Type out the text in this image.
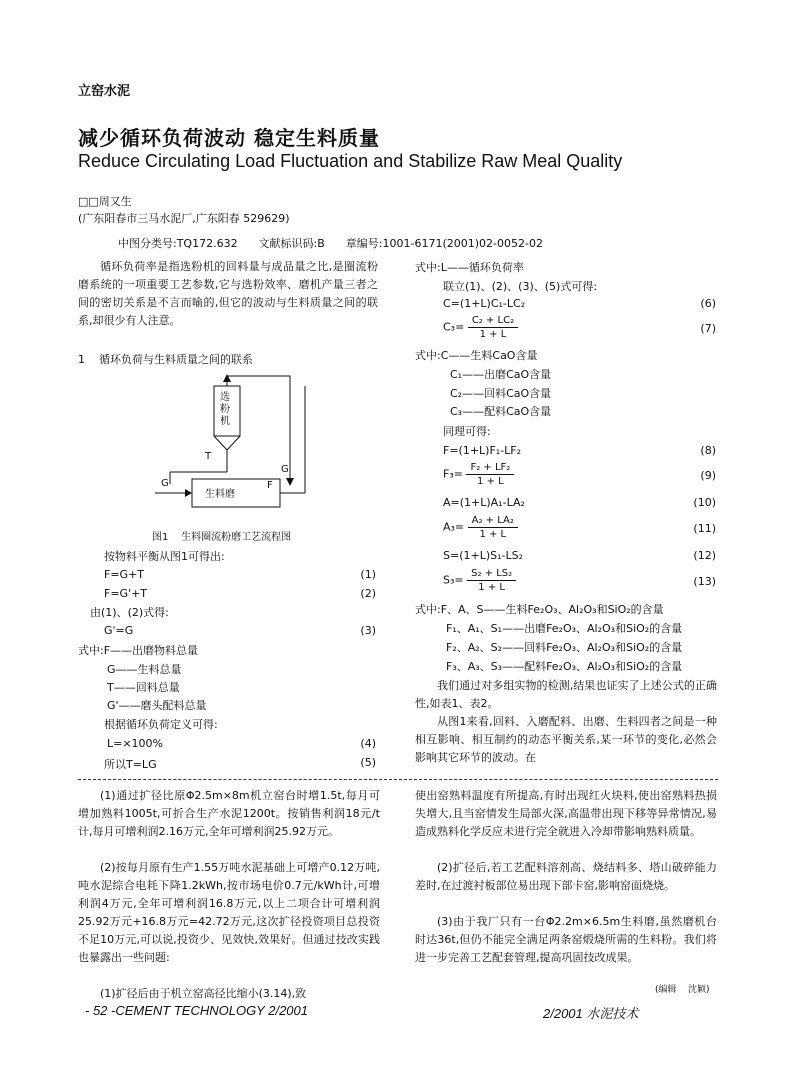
立窑水泥
减少循环负荷波动 稳定生料质量
Reduce Circulating Load Fluctuation and Stabilize Raw Meal Quality
□□周又生
(广东阳春市三马水泥厂,广东阳春 529629)
中图分类号:TQ172.632      文献标识码:B      章编号:1001-6171(2001)02-0052-02
循环负荷率是指选粉机的回料量与成品量之比,是圈流粉磨系统的一项重要工艺参数,它与选粉效率、磨机产量三者之间的密切关系是不言而喻的,但它的波动与生料质量之间的联系,却很少有人注意。
1    循环负荷与生料质量之间的联系
选粉机
生料磨
T
G
F
G'
图1    生料圈流粉磨工艺流程图
按物料平衡从图1可得出:
F=G+T	(1)
F=G'+T	(2)
由(1)、(2)式得:
G'=G	(3)
式中:F——出磨物料总量
G——生料总量
T——回料总量
G'——磨头配料总量
根据循环负荷定义可得:
L=×100%	(4)
所以T=LG	(5)
式中:L——循环负荷率
联立(1)、(2)、(3)、(5)式可得:
C=(1+L)C₁-LC₂	(6)
$C_3= \frac{\text{C₂ + LC₂}}{1 + L}$	(7)
式中:C——生料CaO含量
C₁——出磨CaO含量
C₂——回料CaO含量
C₃——配料CaO含量
同理可得:
F=(1+L)F₁-LF₂	(8)
$F_3= \frac{\text{F₂ + LF₂}}{1 + L}$	(9)
A=(1+L)A₁-LA₂	(10)
$A_3= \frac{\text{A₂ + LA₂}}{1 + L}$	(11)
S=(1+L)S₁-LS₂	(12)
$S_3= \frac{\text{S₂ + LS₂}}{1 + L}$	(13)
式中:F、A、S——生料Fe₂O₃、Al₂O₃和SiO₂的含量
F₁、A₁、S₁——出磨Fe₂O₃、Al₂O₃和SiO₂的含量
F₂、A₂、S₂——回料Fe₂O₃、Al₂O₃和SiO₂的含量
F₃、A₃、S₃——配料Fe₂O₃、Al₂O₃和SiO₂的含量
我们通过对多组实物的检测,结果也证实了上述公式的正确性,如表1、表2。
从图1来看,回料、入磨配料、出磨、生料四者之间是一种相互影响、相互制约的动态平衡关系,某一环节的变化,必然会影响其它环节的波动。在
(1)通过扩径比原Φ2.5m×8m机立窑台时增1.5t,每月可增加熟料1005t,可折合生产水泥1200t。按销售利润18元/t计,每月可增利润2.16万元,全年可增利润25.92万元。
(2)按每月原有生产1.55万吨水泥基础上可增产0.12万吨,吨水泥综合电耗下降1.2kWh,按市场电价0.7元/kWh计,可增利润4万元,全年可增利润16.8万元,以上二项合计可增利润25.92万元+16.8万元=42.72万元,这次扩径投资项目总投资不足10万元,可以说,投资少、见效快,效果好。但通过技改实践也暴露出一些问题:
(1)扩径后由于机立窑高径比缩小(3.14),致
使出窑熟料温度有所提高,有时出现红火块料,使出窑熟料热损失增大,且当窑情发生局部火深,高温带出现下移等异常情况,易造成熟料化学反应未进行完全就进入冷却带影响熟料质量。
(2)扩径后,若工艺配料溶剂高、烧结料多、塔山破碎能力差时,在过渡衬板部位易出现下部卡窑,影响窑面烧烧。
(3)由于我厂只有一台Φ2.2m×6.5m生料磨,虽然磨机台时达36t,但仍不能完全满足两条窑煅烧所需的生料粉。我们将进一步完善工艺配套管理,提高巩固技改成果。
(编辑    沈颖)
- 52 -CEMENT TECHNOLOGY 2/2001	2/2001 水泥技术
